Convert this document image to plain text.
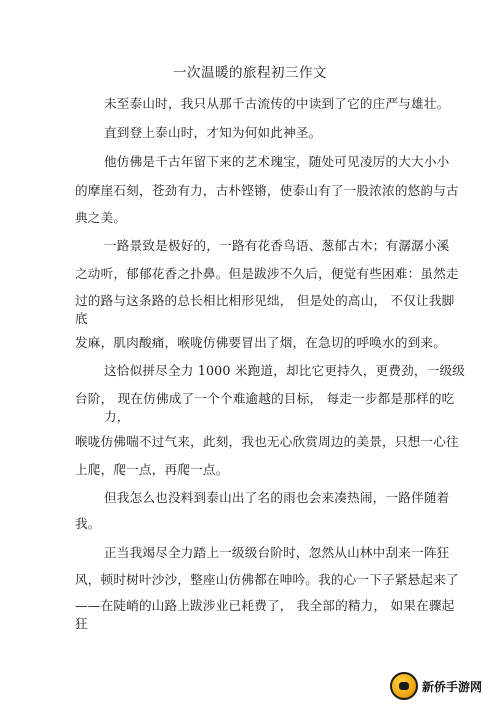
一次温暖的旅程初三作文
未至泰山时，我只从那千古流传的中读到了它的庄严与雄壮。
直到登上泰山时，才知为何如此神圣。
他仿佛是千古年留下来的艺术瑰宝，随处可见凌厉的大大小小
的摩崖石刻，苍劲有力，古朴铿锵，使泰山有了一股浓浓的悠韵与古
典之美。
一路景致是极好的，一路有花香鸟语、葱郁古木；有潺潺小溪
之动听，郁郁花香之扑鼻。但是跋涉不久后，便觉有些困难：虽然走
过的路与这条路的总长相比相形见绌， 但是处的高山， 不仅让我脚
底
发麻，肌肉酸痛，喉咙仿佛要冒出了烟，在急切的呼唤水的到来。
这恰似拼尽全力 1000 米跑道，却比它更持久，更费劲，一级级
台阶， 现在仿佛成了一个个难逾越的目标， 每走一步都是那样的吃
力，
喉咙仿佛喘不过气来，此刻，我也无心欣赏周边的美景，只想一心往
上爬，爬一点，再爬一点。
但我怎么也没料到泰山出了名的雨也会来凑热闹，一路伴随着
我。
正当我竭尽全力踏上一级级台阶时，忽然从山林中刮来一阵狂
风，顿时树叶沙沙，整座山仿佛都在呻吟。我的心一下子紧悬起来了
——在陡峭的山路上跋涉业已耗费了， 我全部的精力， 如果在骤起
狂
新侨手游网
